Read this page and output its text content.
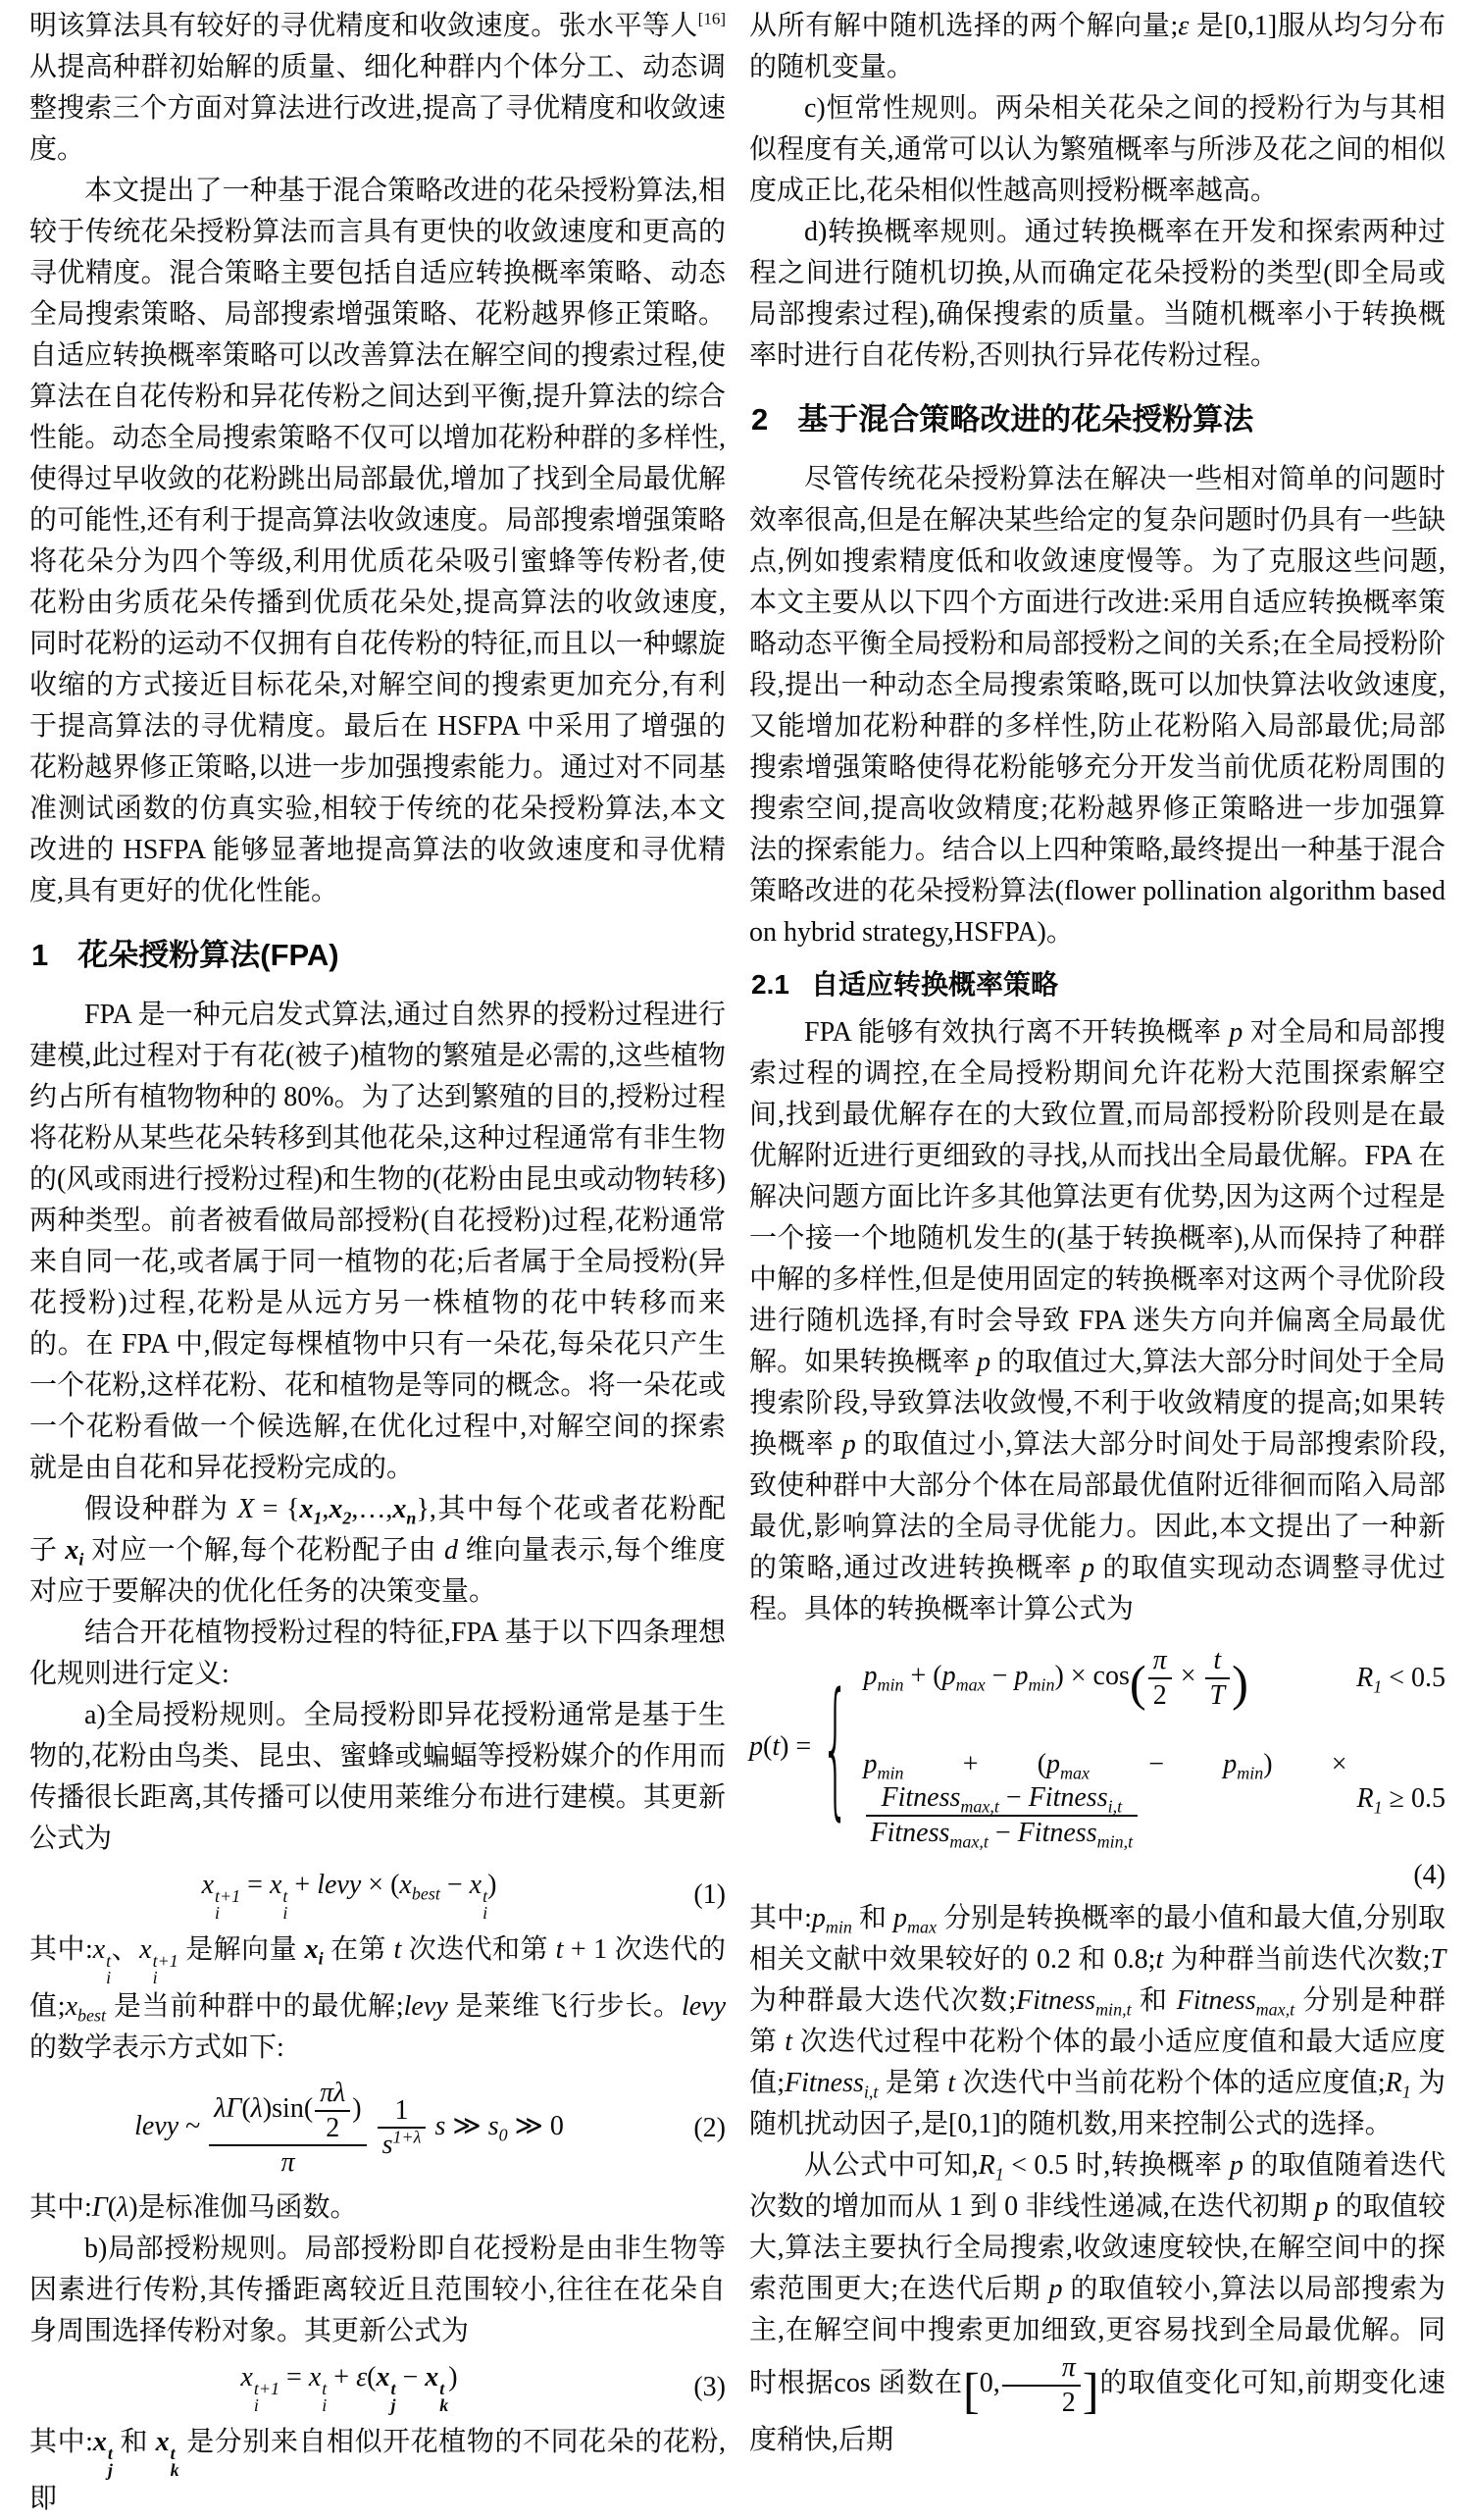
明该算法具有较好的寻优精度和收敛速度。张水平等人[16]从提高种群初始解的质量、细化种群内个体分工、动态调整搜索三个方面对算法进行改进,提高了寻优精度和收敛速度。

本文提出了一种基于混合策略改进的花朵授粉算法,相较于传统花朵授粉算法而言具有更快的收敛速度和更高的寻优精度。混合策略主要包括自适应转换概率策略、动态全局搜索策略、局部搜索增强策略、花粉越界修正策略。自适应转换概率策略可以改善算法在解空间的搜索过程,使算法在自花传粉和异花传粉之间达到平衡,提升算法的综合性能。动态全局搜索策略不仅可以增加花粉种群的多样性,使得过早收敛的花粉跳出局部最优,增加了找到全局最优解的可能性,还有利于提高算法收敛速度。局部搜索增强策略将花朵分为四个等级,利用优质花朵吸引蜜蜂等传粉者,使花粉由劣质花朵传播到优质花朵处,提高算法的收敛速度,同时花粉的运动不仅拥有自花传粉的特征,而且以一种螺旋收缩的方式接近目标花朵,对解空间的搜索更加充分,有利于提高算法的寻优精度。最后在 HSFPA 中采用了增强的花粉越界修正策略,以进一步加强搜索能力。通过对不同基准测试函数的仿真实验,相较于传统的花朵授粉算法,本文改进的 HSFPA 能够显著地提高算法的收敛速度和寻优精度,具有更好的优化性能。

1 花朵授粉算法(FPA)

FPA 是一种元启发式算法,通过自然界的授粉过程进行建模,此过程对于有花(被子)植物的繁殖是必需的,这些植物约占所有植物物种的 80%。为了达到繁殖的目的,授粉过程将花粉从某些花朵转移到其他花朵,这种过程通常有非生物的(风或雨进行授粉过程)和生物的(花粉由昆虫或动物转移)两种类型。前者被看做局部授粉(自花授粉)过程,花粉通常来自同一花,或者属于同一植物的花;后者属于全局授粉(异花授粉)过程,花粉是从远方另一株植物的花中转移而来的。在 FPA 中,假定每棵植物中只有一朵花,每朵花只产生一个花粉,这样花粉、花和植物是等同的概念。将一朵花或一个花粉看做一个候选解,在优化过程中,对解空间的探索就是由自花和异花授粉完成的。

假设种群为 $X = \{x_1,x_2,\dots,x_n\}$,其中每个花或者花粉配子 $x_i$ 对应一个解,每个花粉配子由 d 维向量表示,每个维度对应于要解决的优化任务的决策变量。

结合开花植物授粉过程的特征,FPA 基于以下四条理想化规则进行定义:

a)全局授粉规则。全局授粉即异花授粉通常是基于生物的,花粉由鸟类、昆虫、蜜蜂或蝙蝠等授粉媒介的作用而传播很长距离,其传播可以使用莱维分布进行建模。其更新公式为

x t+1
i
= x t
i
+ levy × ($x_{best} - x$ t
i
)	(1)

其中:x t
i
、x t+1
i
是解向量 $x_i$ 在第 t 次迭代和第 t + 1 次迭代的值$;x_{best}$ 是当前种群中的最优解;levy 是莱维飞行步长。levy 的数学表示方式如下:

levy ~ $\frac{\lambda\Gamma(\lambda)\sin( \frac{\pi\lambda}{2} )}{\pi}$
$\frac{1}{s^{1+\lambda}}$ s ≫ $s_0$ ≫ 0	(2)

其中:Γ(λ)是标准伽马函数。

b)局部授粉规则。局部授粉即自花授粉是由非生物等因素进行传粉,其传播距离较近且范围较小,往往在花朵自身周围选择传粉对象。其更新公式为

x t+1
i
= x t
i
+ ε(x t
j
− x t
k
)	(3)

其中:x t
j
和 x t
k
是分别来自相似开花植物的不同花朵的花粉,即

从所有解中随机选择的两个解向量;ε 是[0,1]服从均匀分布的随机变量。

c)恒常性规则。两朵相关花朵之间的授粉行为与其相似程度有关,通常可以认为繁殖概率与所涉及花之间的相似度成正比,花朵相似性越高则授粉概率越高。

d)转换概率规则。通过转换概率在开发和探索两种过程之间进行随机切换,从而确定花朵授粉的类型(即全局或局部搜索过程),确保搜索的质量。当随机概率小于转换概率时进行自花传粉,否则执行异花传粉过程。

2 基于混合策略改进的花朵授粉算法

尽管传统花朵授粉算法在解决一些相对简单的问题时效率很高,但是在解决某些给定的复杂问题时仍具有一些缺点,例如搜索精度低和收敛速度慢等。为了克服这些问题,本文主要从以下四个方面进行改进:采用自适应转换概率策略动态平衡全局授粉和局部授粉之间的关系;在全局授粉阶段,提出一种动态全局搜索策略,既可以加快算法收敛速度,又能增加花粉种群的多样性,防止花粉陷入局部最优;局部搜索增强策略使得花粉能够充分开发当前优质花粉周围的搜索空间,提高收敛精度;花粉越界修正策略进一步加强算法的探索能力。结合以上四种策略,最终提出一种基于混合策略改进的花朵授粉算法(flower pollination algorithm based on hybrid strategy,HSFPA)。

2.1 自适应转换概率策略

FPA 能够有效执行离不开转换概率 p 对全局和局部搜索过程的调控,在全局授粉期间允许花粉大范围探索解空间,找到最优解存在的大致位置,而局部授粉阶段则是在最优解附近进行更细致的寻找,从而找出全局最优解。FPA 在解决问题方面比许多其他算法更有优势,因为这两个过程是一个接一个地随机发生的(基于转换概率),从而保持了种群中解的多样性,但是使用固定的转换概率对这两个寻优阶段进行随机选择,有时会导致 FPA 迷失方向并偏离全局最优解。如果转换概率 p 的取值过大,算法大部分时间处于全局搜索阶段,导致算法收敛慢,不利于收敛精度的提高;如果转换概率 p 的取值过小,算法大部分时间处于局部搜索阶段,致使种群中大部分个体在局部最优值附近徘徊而陷入局部最优,影响算法的全局寻优能力。因此,本文提出了一种新的策略,通过改进转换概率 p 的取值实现动态调整寻优过程。具体的转换概率计算公式为

p(t) = { $p_{min} + (p_{max} - p_{min}) \times \cos( \frac{\pi}{2} \times \frac{t}{T}$ )	$R_1 < 0.5$
$p_{min} + (p_{max} - p_{min})$ ×
$\frac{Fitness_{max,t} - Fitness_{i,t}}{Fitness_{max,t} - Fitness_{min,t}}$	$R_1 \ge 0.5$
(4)

其中$:p_{min}$ 和 $p_{max}$ 分别是转换概率的最小值和最大值,分别取相关文献中效果较好的 0.2 和 0.8;t 为种群当前迭代次数;T 为种群最大迭代次数;Fitness$_{min,t}$ 和 Fitness$_{max,t}$ 分别是种群第 t 次迭代过程中花粉个体的最小适应度值和最大适应度值;Fitness$_{i,t}$ 是第 t 次迭代中当前花粉个体的适应度值$;R_1$ 为随机扰动因子,是[0,1]的随机数,用来控制公式的选择。

从公式中可知$,R_1 < 0.5$ 时,转换概率 p 的取值随着迭代次数的增加而从 1 到 0 非线性递减,在迭代初期 p 的取值较大,算法主要执行全局搜索,收敛速度较快,在解空间中的探索范围更大;在迭代后期 p 的取值较小,算法以局部搜索为主,在解空间中搜索更加细致,更容易找到全局最优解。同时根据cos 函数在[0, $\frac{\pi}{2}$ ]的取值变化可知,前期变化速度稍快,后期
